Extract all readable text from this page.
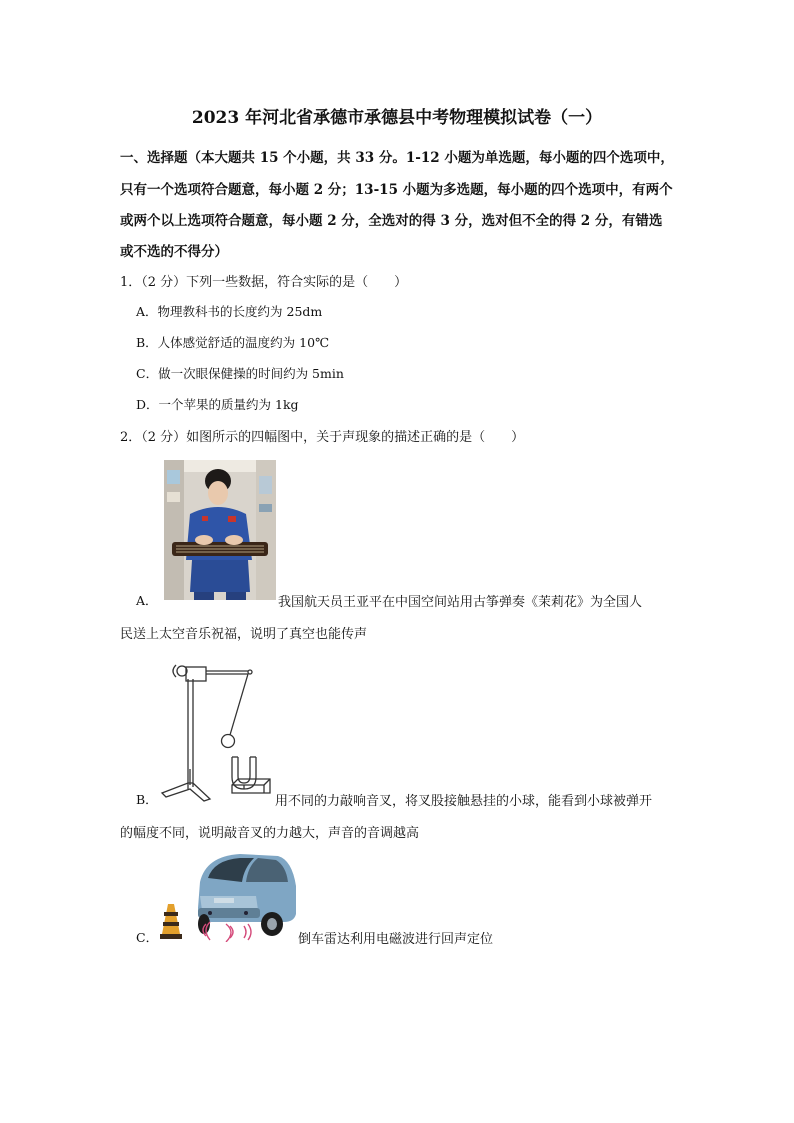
2023 年河北省承德市承德县中考物理模拟试卷（一）
一、选择题（本大题共 15 个小题，共 33 分。1-12 小题为单选题，每小题的四个选项中，
只有一个选项符合题意，每小题 2 分；13-15 小题为多选题，每小题的四个选项中，有两个
或两个以上选项符合题意，每小题 2 分，全选对的得 3 分，选对但不全的得 2 分，有错选
或不选的不得分）
1．（2 分）下列一些数据，符合实际的是（　　）
A．物理教科书的长度约为 25dm
B．人体感觉舒适的温度约为 10℃
C．做一次眼保健操的时间约为 5min
D．一个苹果的质量约为 1kg
2．（2 分）如图所示的四幅图中，关于声现象的描述正确的是（　　）
A．	我国航天员王亚平在中国空间站用古筝弹奏《茉莉花》为全国人
民送上太空音乐祝福，说明了真空也能传声
B．	用不同的力敲响音叉，将叉股接触悬挂的小球，能看到小球被弹开
的幅度不同，说明敲音叉的力越大，声音的音调越高
C．	倒车雷达利用电磁波进行回声定位
